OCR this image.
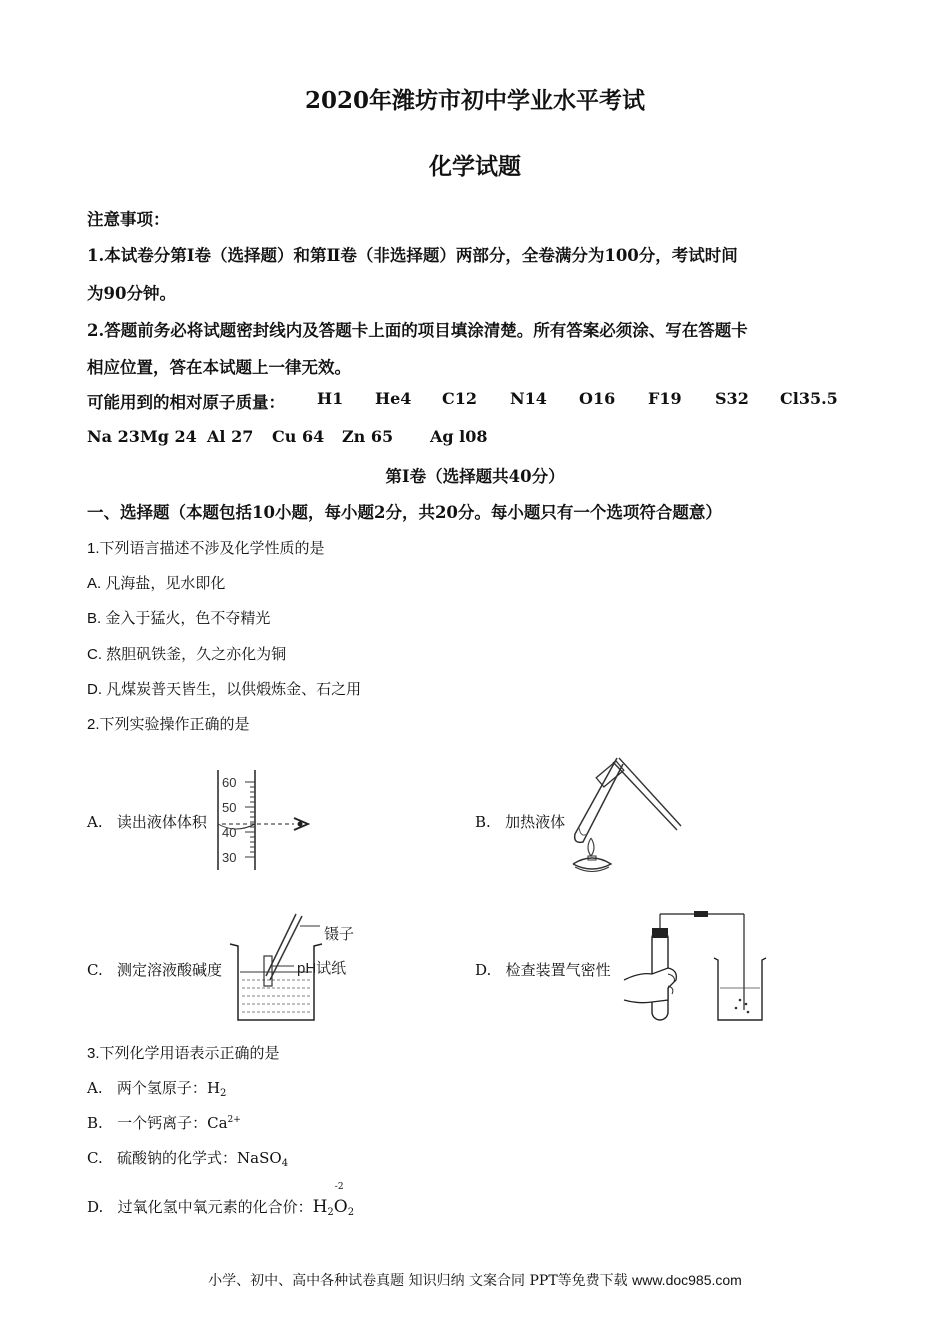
2020年潍坊市初中学业水平考试
化学试题
注意事项：
1.本试卷分第Ⅰ卷（选择题）和第Ⅱ卷（非选择题）两部分，全卷满分为100分，考试时间
为90分钟。
2.答题前务必将试题密封线内及答题卡上面的项目填涂清楚。所有答案必须涂、写在答题卡
相应位置，答在本试题上一律无效。
可能用到的相对原子质量： H1 He4 C12 N14 O16 F19 S32 Cl35.5
Na 23 Mg 24 Al 27 Cu 64 Zn 65 Ag l08
第Ⅰ卷（选择题共40分）
一、选择题（本题包括10小题，每小题2分，共20分。每小题只有一个选项符合题意）
1.下列语言描述不涉及化学性质的是
A. 凡海盐，见水即化
B. 金入于猛火，色不夺精光
C. 熬胆矾铁釜，久之亦化为铜
D. 凡煤炭普天皆生，以供煅炼金、石之用
2.下列实验操作正确的是
A. 读出液体体积
60
50
40
30
B. 加热液体
C. 测定溶液酸碱度
镊子
pH试纸	D. 检查装置气密性
3.下列化学用语表示正确的是
A. 两个氢原子：$H_2$
B. 一个钙离子：$Ca^{2+}$
C. 硫酸钠的化学式：NaSO$_4$
D. 过氧化氢中氧元素的化合价：$H_2$
-2
$O_2$
小学、初中、高中各种试卷真题 知识归纳 文案合同 PPT等免费下载 www.doc985.com
